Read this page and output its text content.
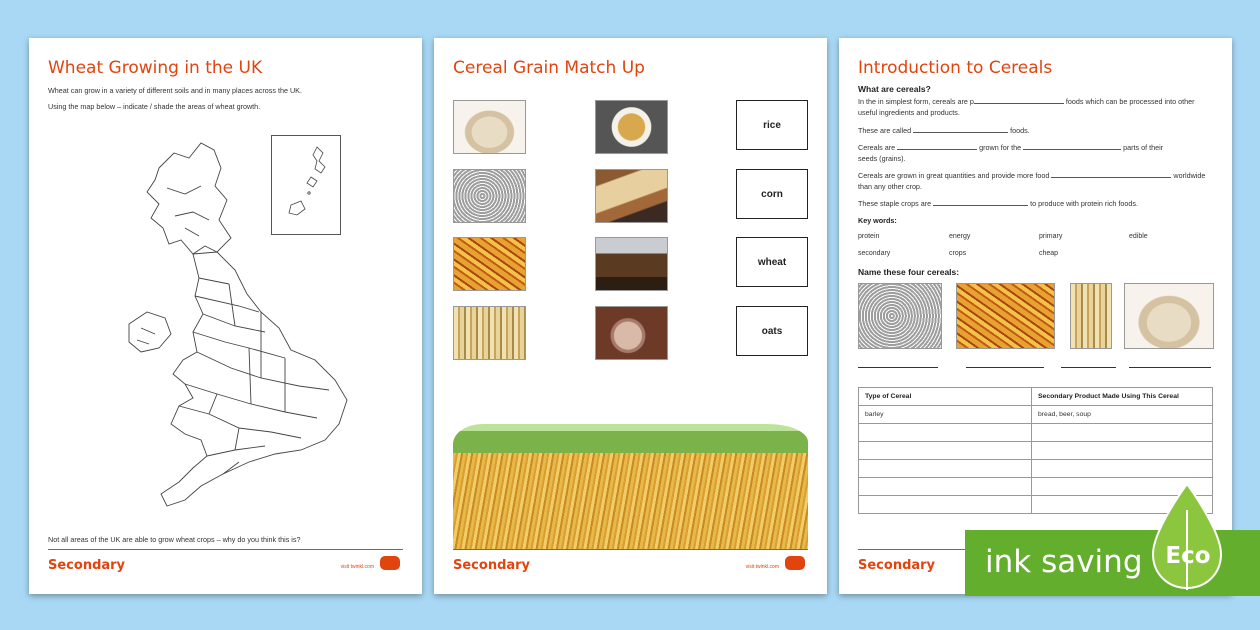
Wheat Growing in the UK
Wheat can grow in a variety of different soils and in many places across the UK.
Using the map below – indicate / shade the areas of wheat growth.
Not all areas of the UK are able to grow wheat crops – why do you think this is?
Secondary	visit twinkl.com
Cereal Grain Match Up
rice
corn
wheat
oats
Secondary	visit twinkl.com
Introduction to Cereals
What are cereals?
In the in simplest form, cereals are p	foods which can be processed into other
useful ingredients and products.
These are called	foods.
Cereals are	grown for the	parts of their
seeds (grains).
Cereals are grown in great quantities and provide more food	worldwide
than any other crop.
These staple crops are	to produce with protein rich foods.
Key words:
protein	energy	primary	edible
secondary	crops	cheap
Name these four cereals:
Type of Cereal	Secondary Product Made Using This Cereal
barley	bread, beer, soup

Secondary ink saving Eco
